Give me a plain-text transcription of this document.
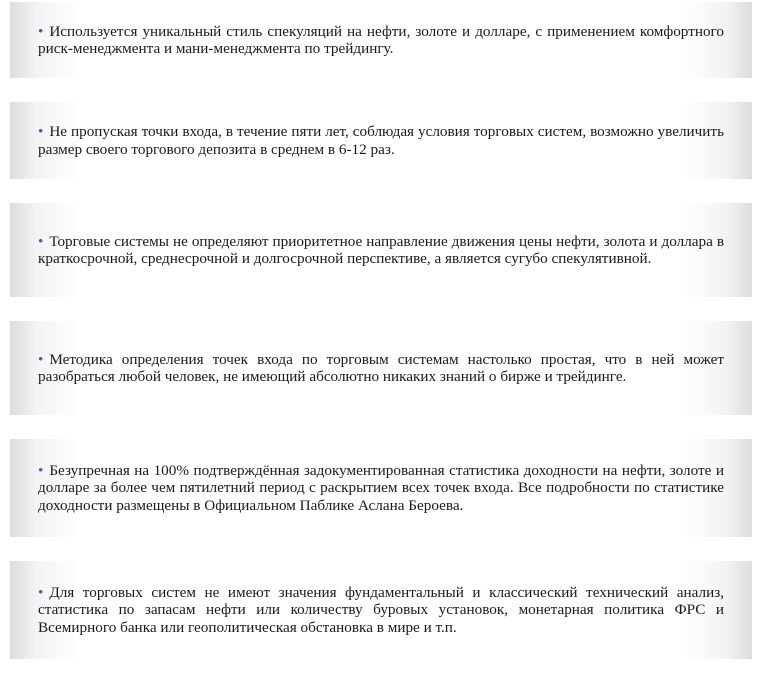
• Используется уникальный стиль спекуляций на нефти, золоте и долларе, с применением комфортного риск-менеджмента и мани-менеджмента по трейдингу.

• Не пропуская точки входа, в течение пяти лет, соблюдая условия торговых систем, возможно увеличить размер своего торгового депозита в среднем в 6-12 раз.

• Торговые системы не определяют приоритетное направление движения цены нефти, золота и доллара в краткосрочной, среднесрочной и долгосрочной перспективе, а является сугубо спекулятивной.

• Методика определения точек входа по торговым системам настолько простая, что в ней может разобраться любой человек, не имеющий абсолютно никаких знаний о бирже и трейдинге.

• Безупречная на 100% подтверждённая задокументированная статистика доходности на нефти, золоте и долларе за более чем пятилетний период с раскрытием всех точек входа. Все подробности по статистике доходности размещены в Официальном Паблике Аслана Бероева.

• Для торговых систем не имеют значения фундаментальный и классический технический анализ, статистика по запасам нефти или количеству буровых установок, монетарная политика ФРС и Всемирного банка или геополитическая обстановка в мире и т.п.
